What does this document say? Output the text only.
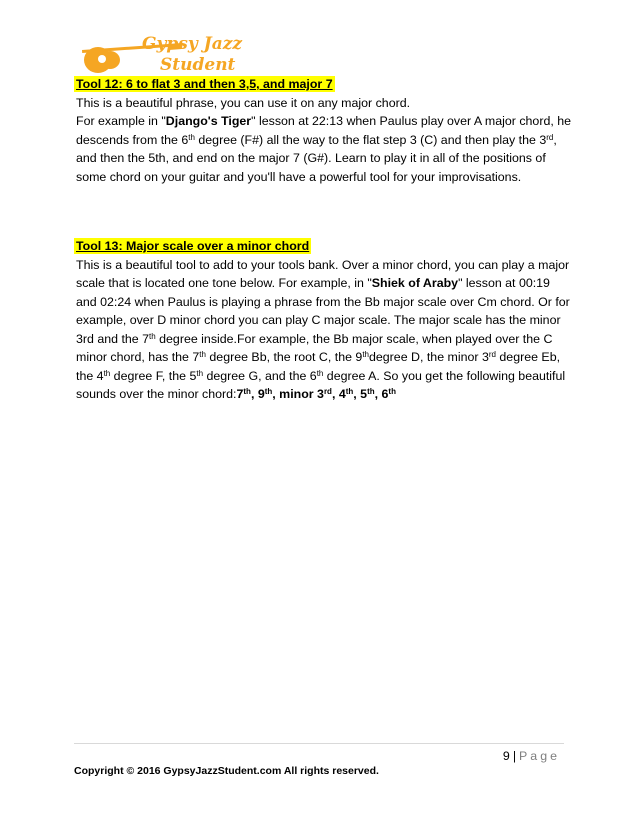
Gypsy Jazz
Student
Tool 12: 6 to flat 3 and then 3,5, and major 7

This is a beautiful phrase, you can use it on any major chord.

For example in "Django's Tiger" lesson at 22:13 when Paulus play over A major chord, he descends from the 6th degree (F#) all the way to the flat step 3 (C) and then play the 3rd, and then the 5th, and end on the major 7 (G#). Learn to play it in all of the positions of some chord on your guitar and you'll have a powerful tool for your improvisations.

Tool 13: Major scale over a minor chord

This is a beautiful tool to add to your tools bank. Over a minor chord, you can play a major scale that is located one tone below. For example, in "Shiek of Araby" lesson at 00:19 and 02:24 when Paulus is playing a phrase from the Bb major scale over Cm chord. Or for example, over D minor chord you can play C major scale. The major scale has the minor 3rd and the 7th degree inside.For example, the Bb major scale, when played over the C minor chord, has the 7th degree Bb, the root C, the 9thdegree D, the minor 3rd degree Eb, the 4th degree F, the 5th degree G, and the 6th degree A. So you get the following beautiful sounds over the minor chord:7th, 9th, minor 3rd, 4th, 5th, 6th

9 | Page
Copyright © 2016 GypsyJazzStudent.com All rights reserved.
